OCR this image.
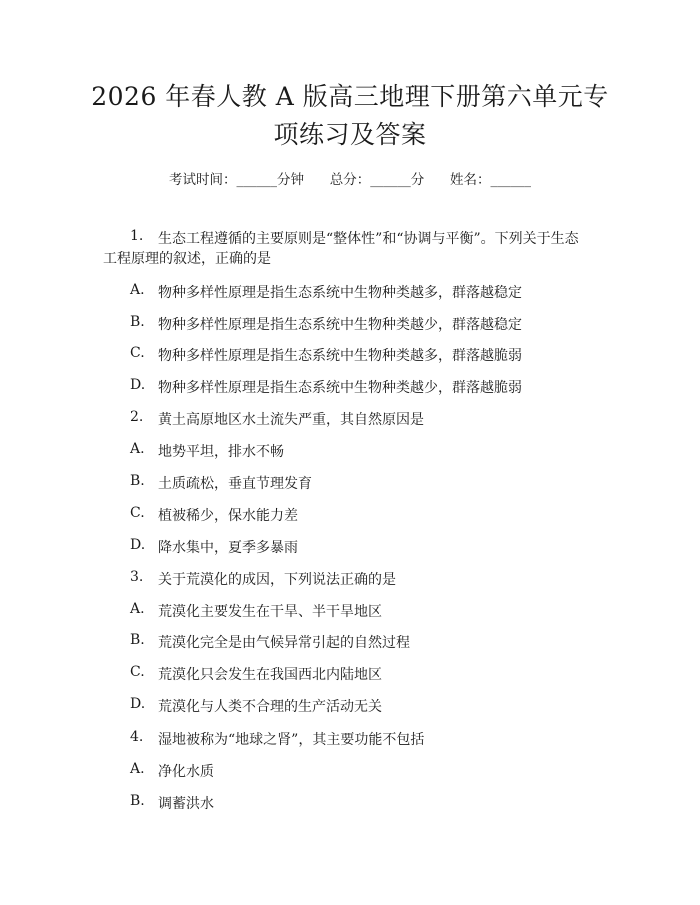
2026 年春人教 A 版高三地理下册第六单元专
项练习及答案
考试时间：______分钟      总分：______分      姓名：______
1. 生态工程遵循的主要原则是“整体性”和“协调与平衡”。下列关于生态
工程原理的叙述，正确的是
A. 物种多样性原理是指生态系统中生物种类越多，群落越稳定
B. 物种多样性原理是指生态系统中生物种类越少，群落越稳定
C. 物种多样性原理是指生态系统中生物种类越多，群落越脆弱
D. 物种多样性原理是指生态系统中生物种类越少，群落越脆弱
2. 黄土高原地区水土流失严重，其自然原因是
A. 地势平坦，排水不畅
B. 土质疏松，垂直节理发育
C. 植被稀少，保水能力差
D. 降水集中，夏季多暴雨
3. 关于荒漠化的成因，下列说法正确的是
A. 荒漠化主要发生在干旱、半干旱地区
B. 荒漠化完全是由气候异常引起的自然过程
C. 荒漠化只会发生在我国西北内陆地区
D. 荒漠化与人类不合理的生产活动无关
4. 湿地被称为“地球之肾”，其主要功能不包括
A. 净化水质
B. 调蓄洪水
